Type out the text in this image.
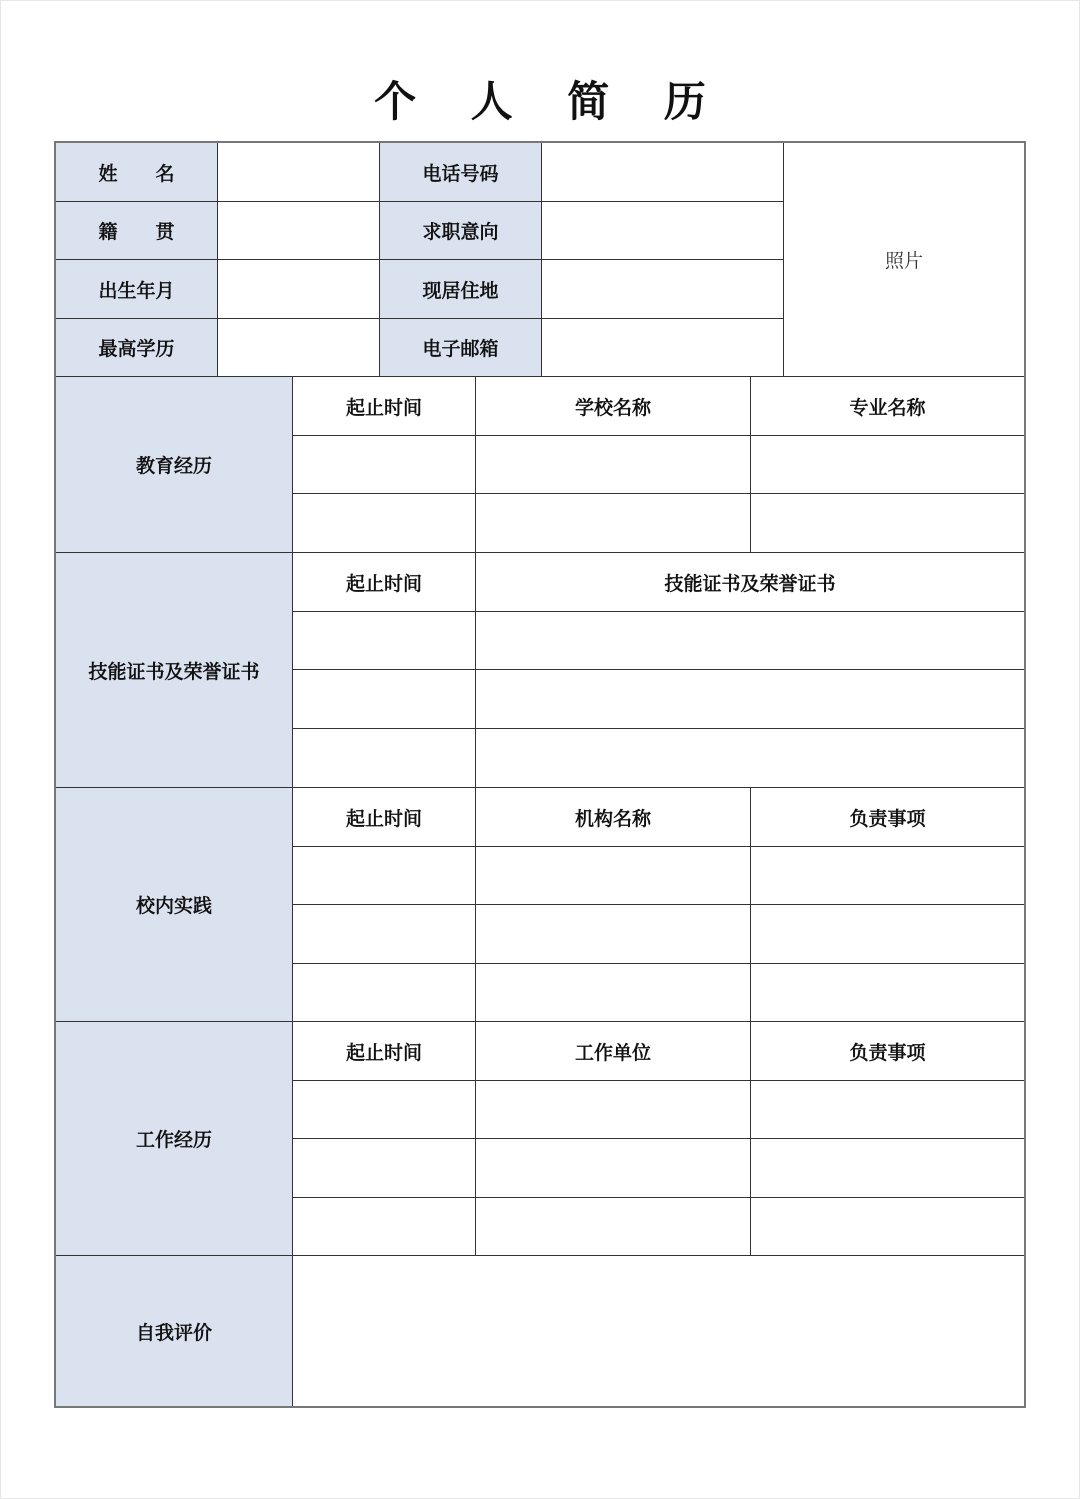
个 人 简 历
姓 名	电话号码
籍 贯	求职意向
出生年月	现居住地
最高学历	电子邮箱
照片
教育经历
起止时间	学校名称	专业名称
技能证书及荣誉证书
起止时间	技能证书及荣誉证书
校内实践
起止时间	机构名称	负责事项
工作经历
起止时间	工作单位	负责事项
自我评价
